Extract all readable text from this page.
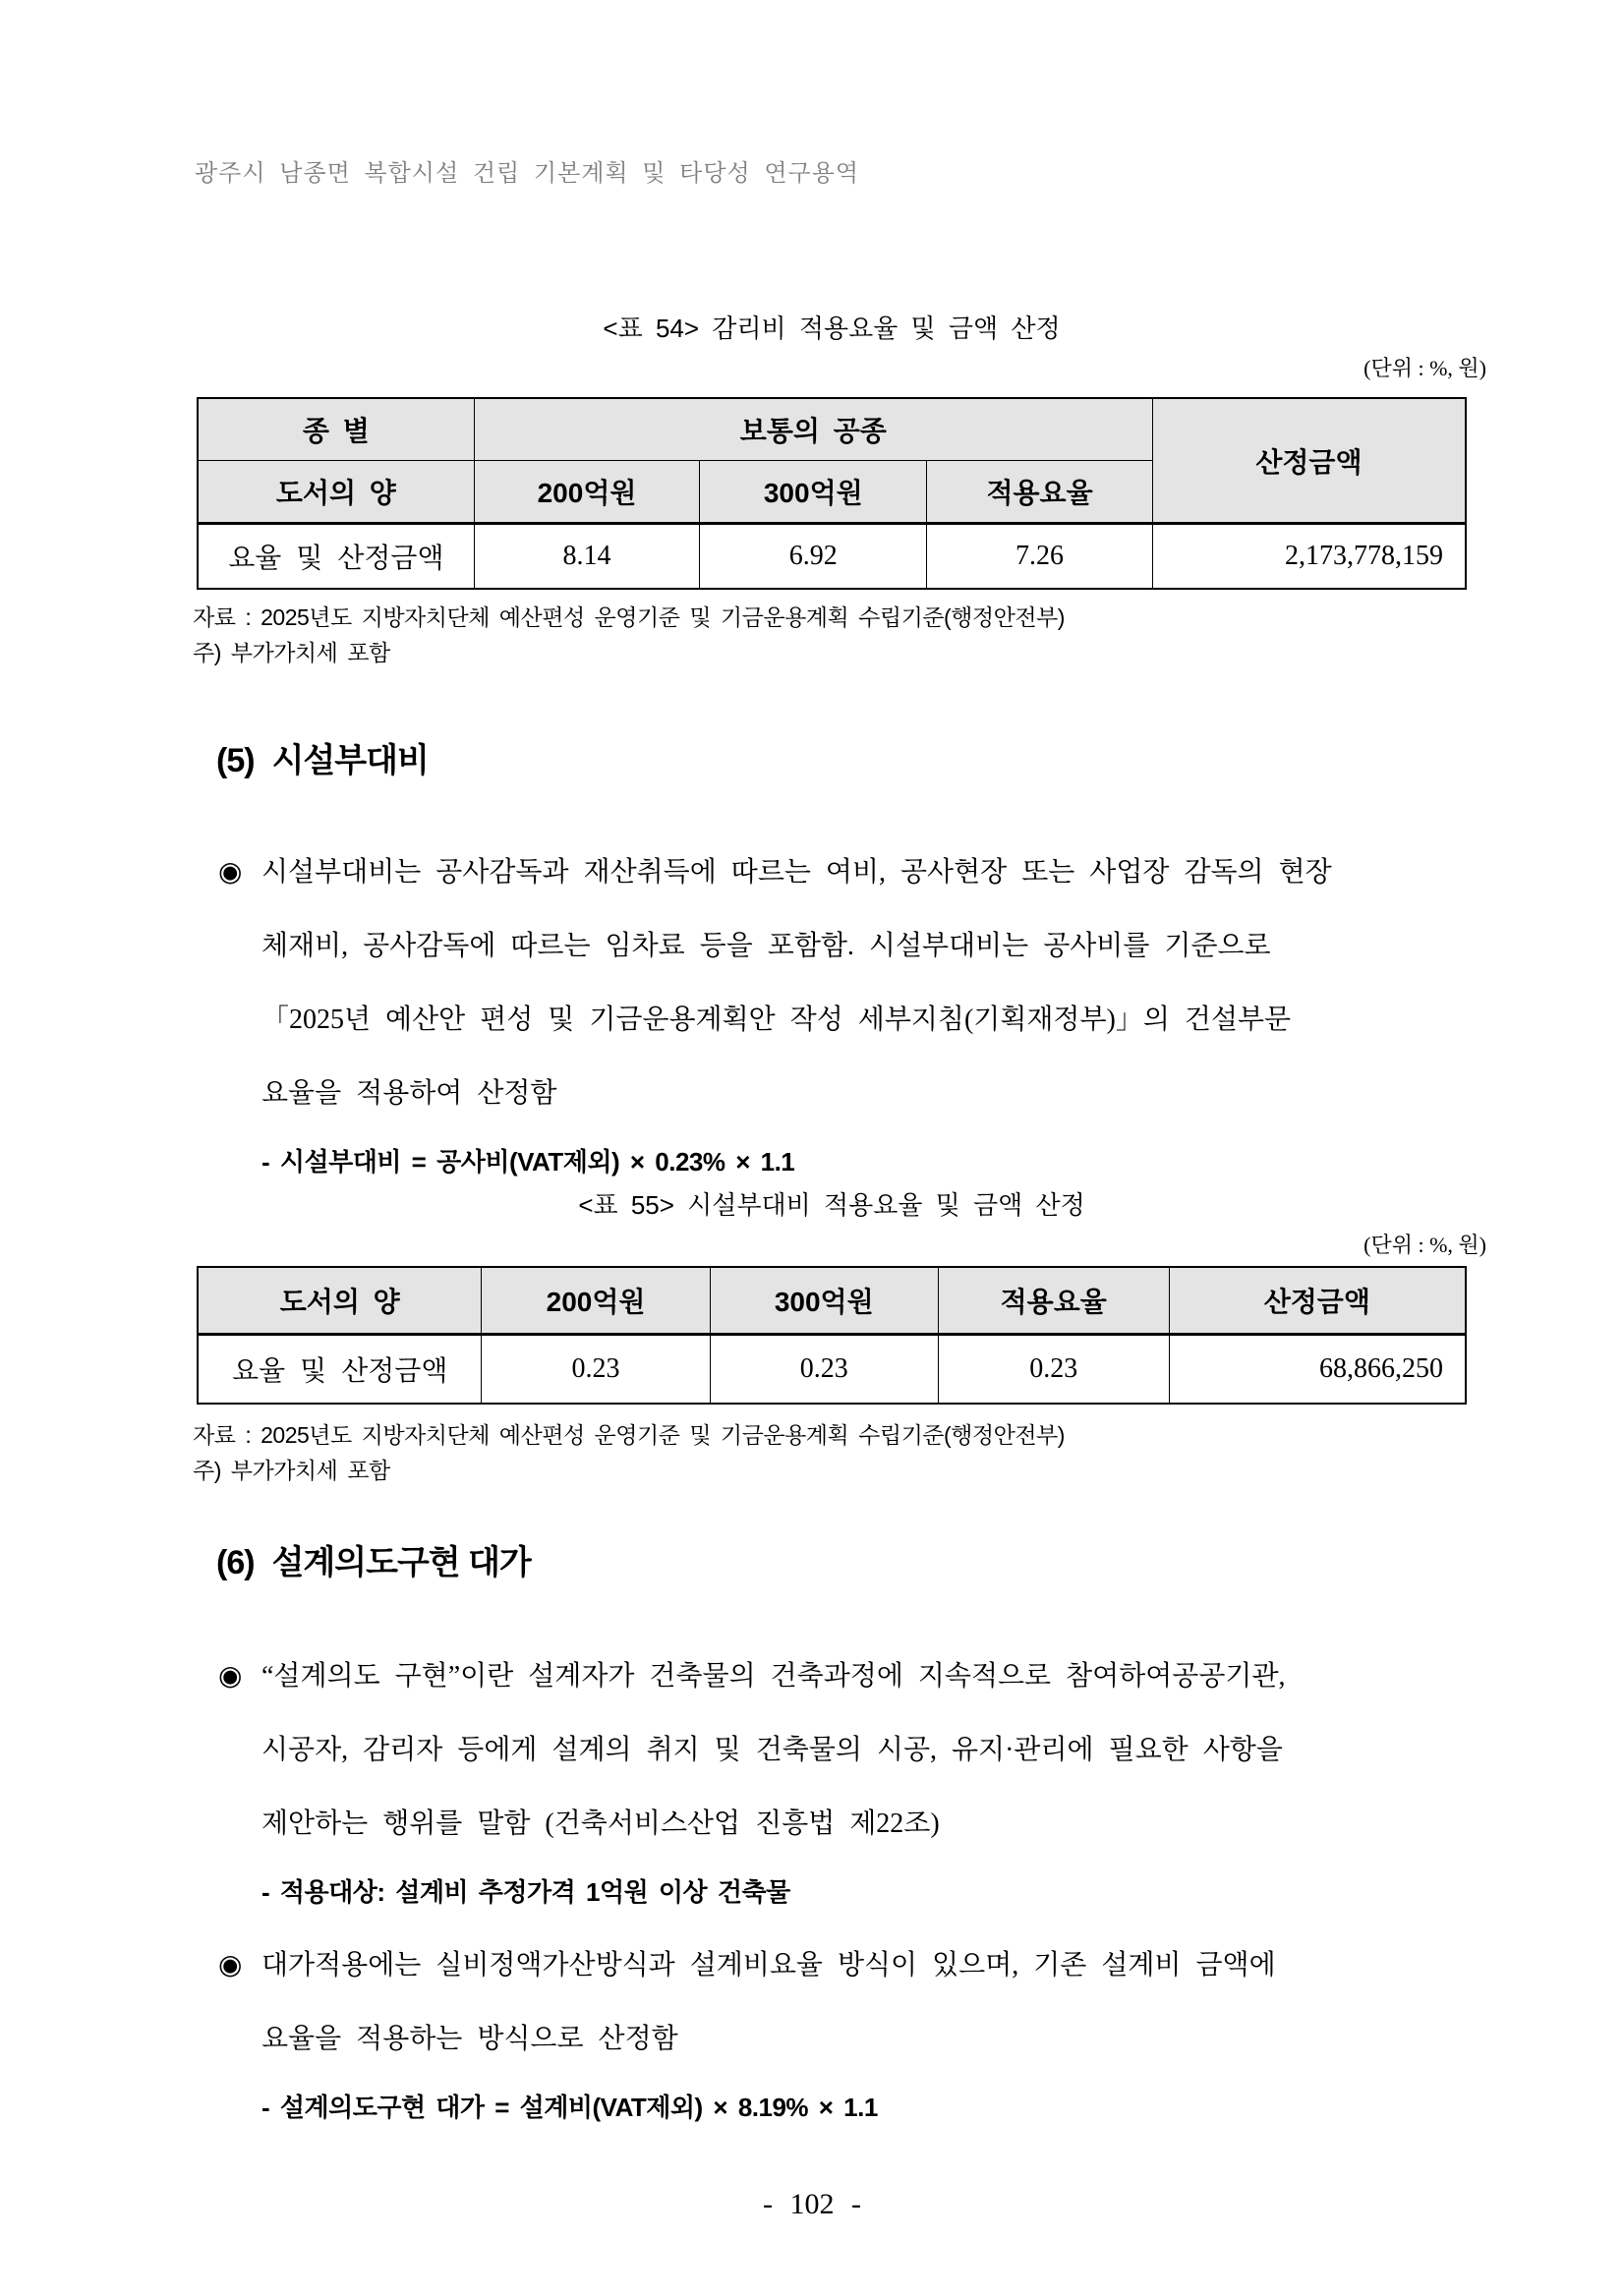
광주시 남종면 복합시설 건립 기본계획 및 타당성 연구용역
<표 54> 감리비 적용요율 및 금액 산정
(단위 : %, 원)
종 별	보통의 공종			산정금액
도서의 양	200억원	300억원	적용요율	
요율 및 산정금액	8.14	6.92	7.26	2,173,778,159
자료 : 2025년도 지방자치단체 예산편성 운영기준 및 기금운용계획 수립기준(행정안전부)
주) 부가가치세 포함
(5) 시설부대비
◉ 시설부대비는 공사감독과 재산취득에 따르는 여비, 공사현장 또는 사업장 감독의 현장
체재비, 공사감독에 따르는 임차료 등을 포함함. 시설부대비는 공사비를 기준으로
「2025년 예산안 편성 및 기금운용계획안 작성 세부지침(기획재정부)」의 건설부문
요율을 적용하여 산정함
- 시설부대비 = 공사비(VAT제외) × 0.23% × 1.1
<표 55> 시설부대비 적용요율 및 금액 산정
(단위 : %, 원)
도서의 양	200억원	300억원	적용요율	산정금액
요율 및 산정금액	0.23	0.23	0.23	68,866,250
자료 : 2025년도 지방자치단체 예산편성 운영기준 및 기금운용계획 수립기준(행정안전부)
주) 부가가치세 포함
(6) 설계의도구현 대가
◉ “설계의도 구현”이란 설계자가 건축물의 건축과정에 지속적으로 참여하여공공기관,
시공자, 감리자 등에게 설계의 취지 및 건축물의 시공, 유지·관리에 필요한 사항을
제안하는 행위를 말함 (건축서비스산업 진흥법 제22조)
- 적용대상: 설계비 추정가격 1억원 이상 건축물
◉ 대가적용에는 실비정액가산방식과 설계비요율 방식이 있으며, 기존 설계비 금액에
요율을 적용하는 방식으로 산정함
- 설계의도구현 대가 = 설계비(VAT제외) × 8.19% × 1.1
- 102 -
